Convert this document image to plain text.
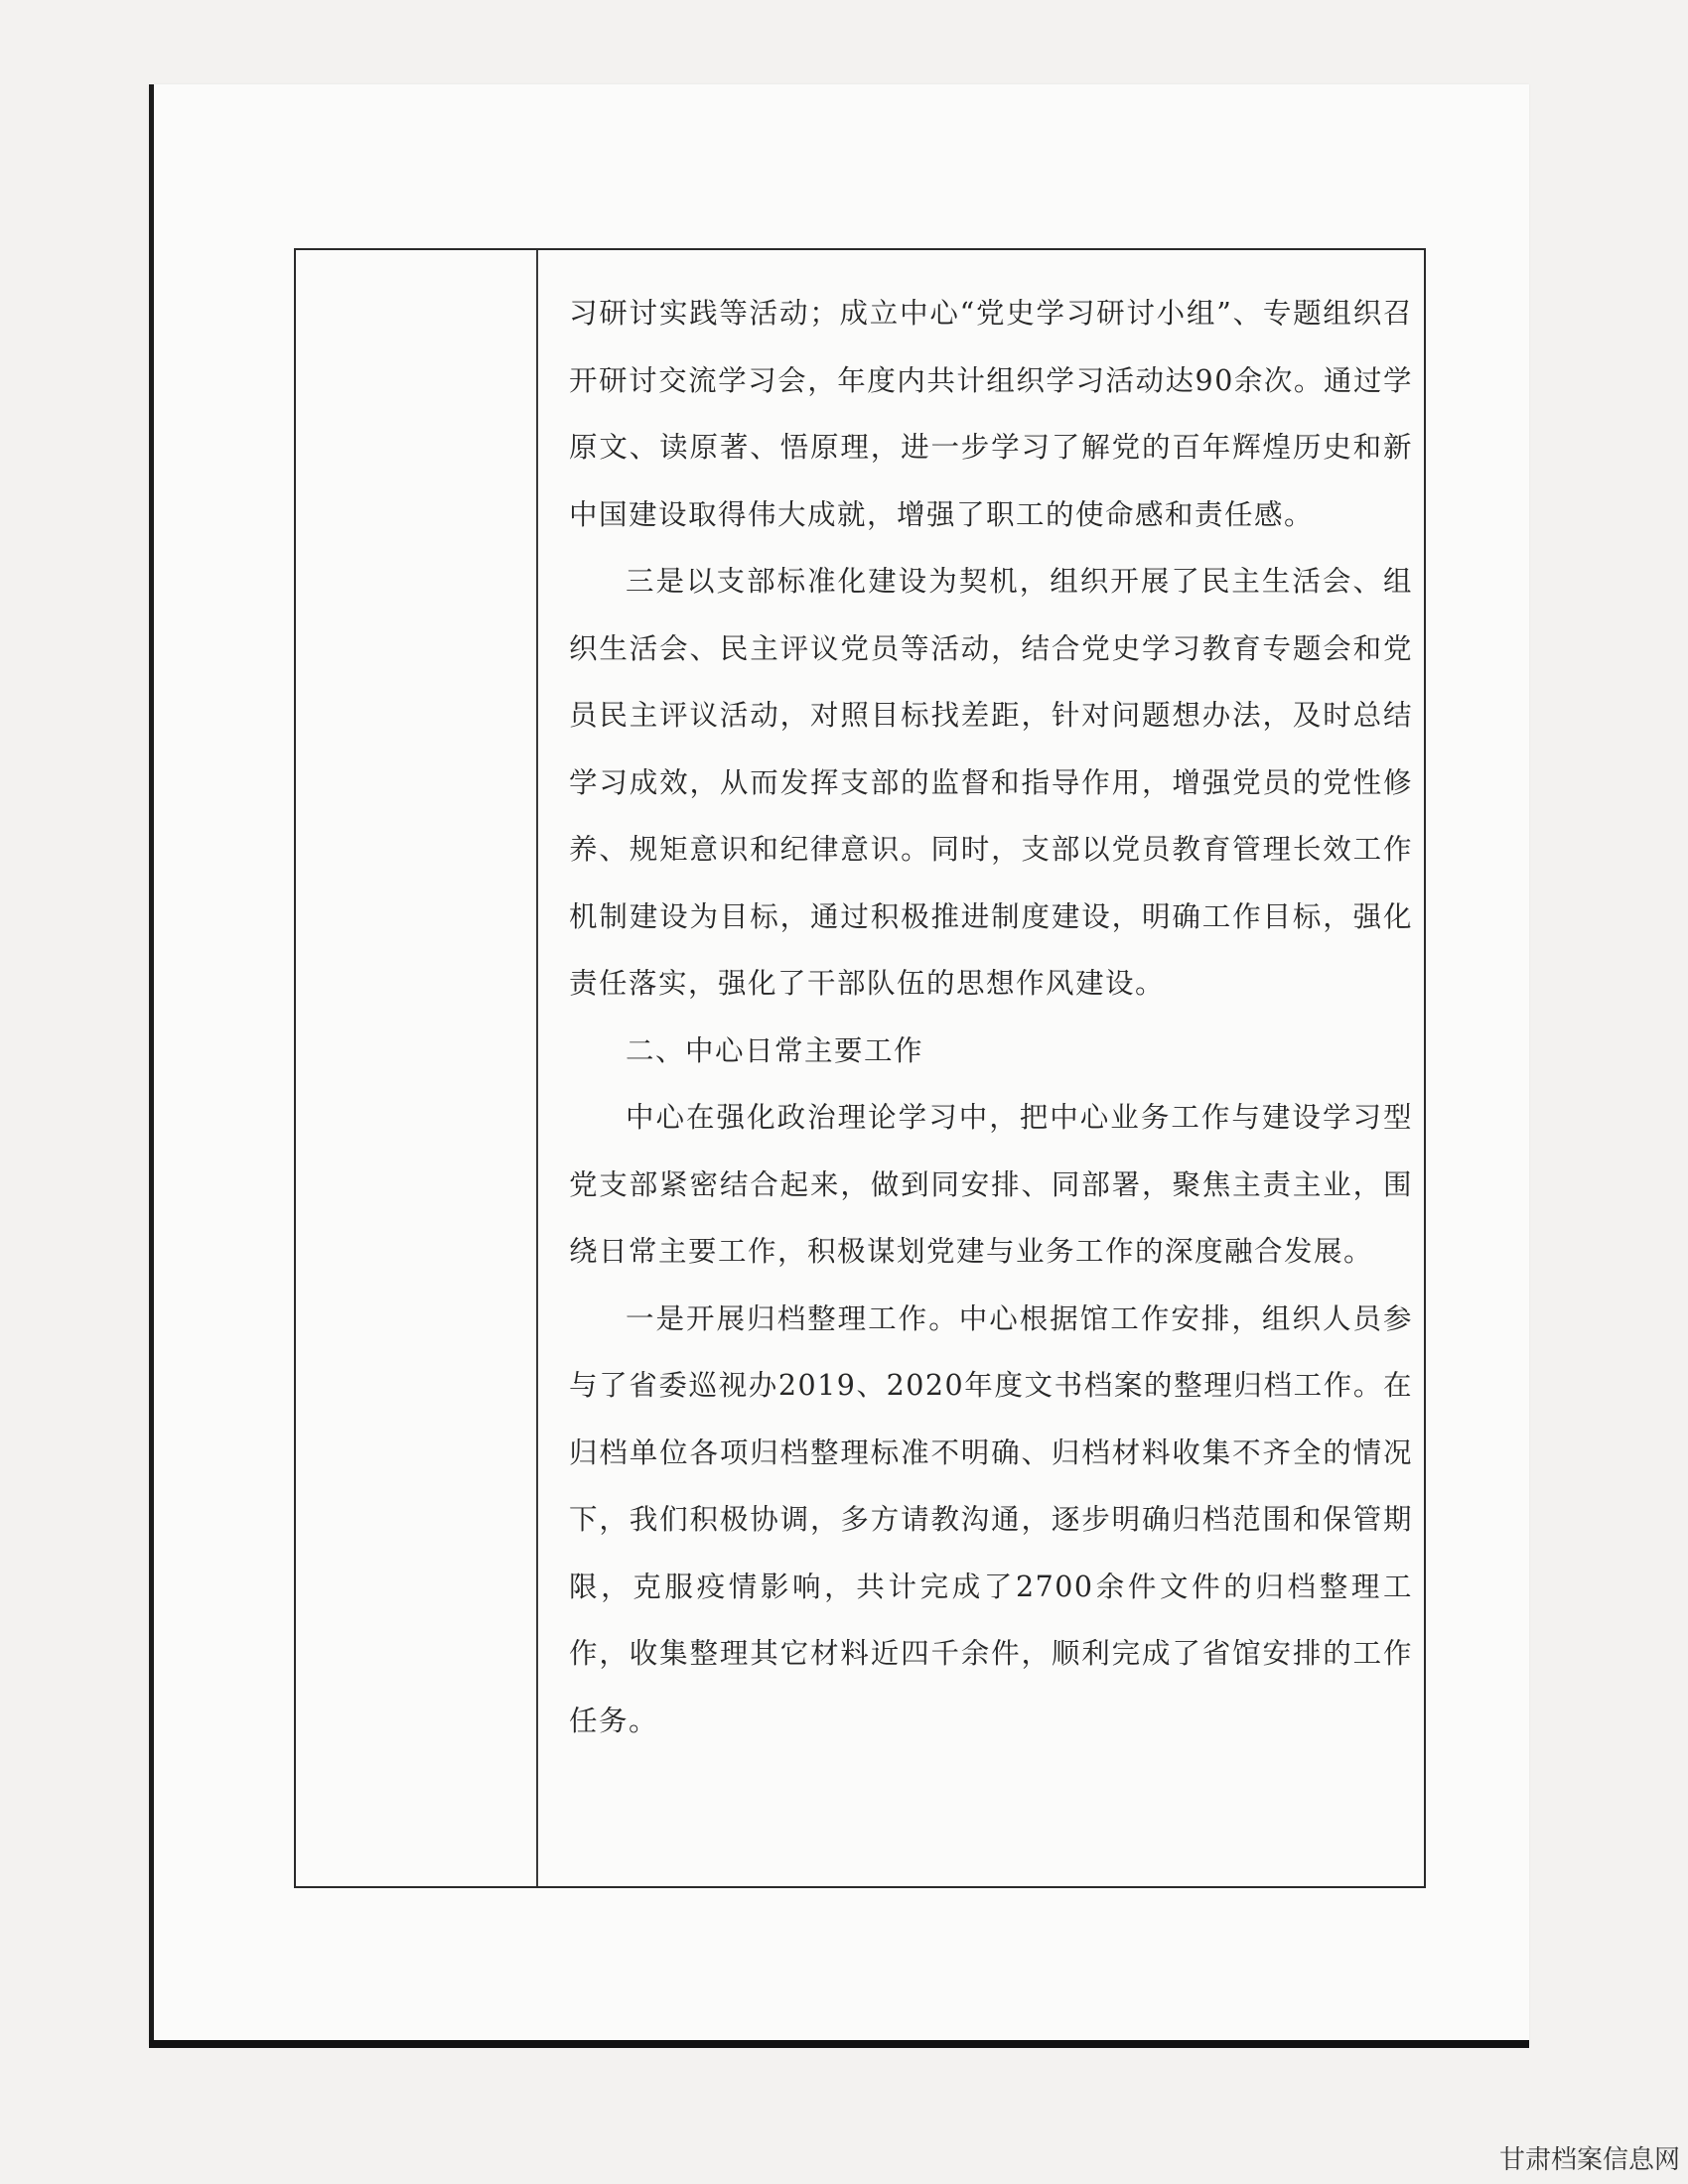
习研讨实践等活动；成立中心“党史学习研讨小组”、专题组织召开研讨交流学习会，年度内共计组织学习活动达90余次。通过学原文、读原著、悟原理，进一步学习了解党的百年辉煌历史和新中国建设取得伟大成就，增强了职工的使命感和责任感。

三是以支部标准化建设为契机，组织开展了民主生活会、组织生活会、民主评议党员等活动，结合党史学习教育专题会和党员民主评议活动，对照目标找差距，针对问题想办法，及时总结学习成效，从而发挥支部的监督和指导作用，增强党员的党性修养、规矩意识和纪律意识。同时，支部以党员教育管理长效工作机制建设为目标，通过积极推进制度建设，明确工作目标，强化责任落实，强化了干部队伍的思想作风建设。

二、中心日常主要工作

中心在强化政治理论学习中，把中心业务工作与建设学习型党支部紧密结合起来，做到同安排、同部署，聚焦主责主业，围绕日常主要工作，积极谋划党建与业务工作的深度融合发展。

一是开展归档整理工作。中心根据馆工作安排，组织人员参与了省委巡视办2019、2020年度文书档案的整理归档工作。在归档单位各项归档整理标准不明确、归档材料收集不齐全的情况下，我们积极协调，多方请教沟通，逐步明确归档范围和保管期限，克服疫情影响，共计完成了2700余件文件的归档整理工作，收集整理其它材料近四千余件，顺利完成了省馆安排的工作任务。

甘肃档案信息网
